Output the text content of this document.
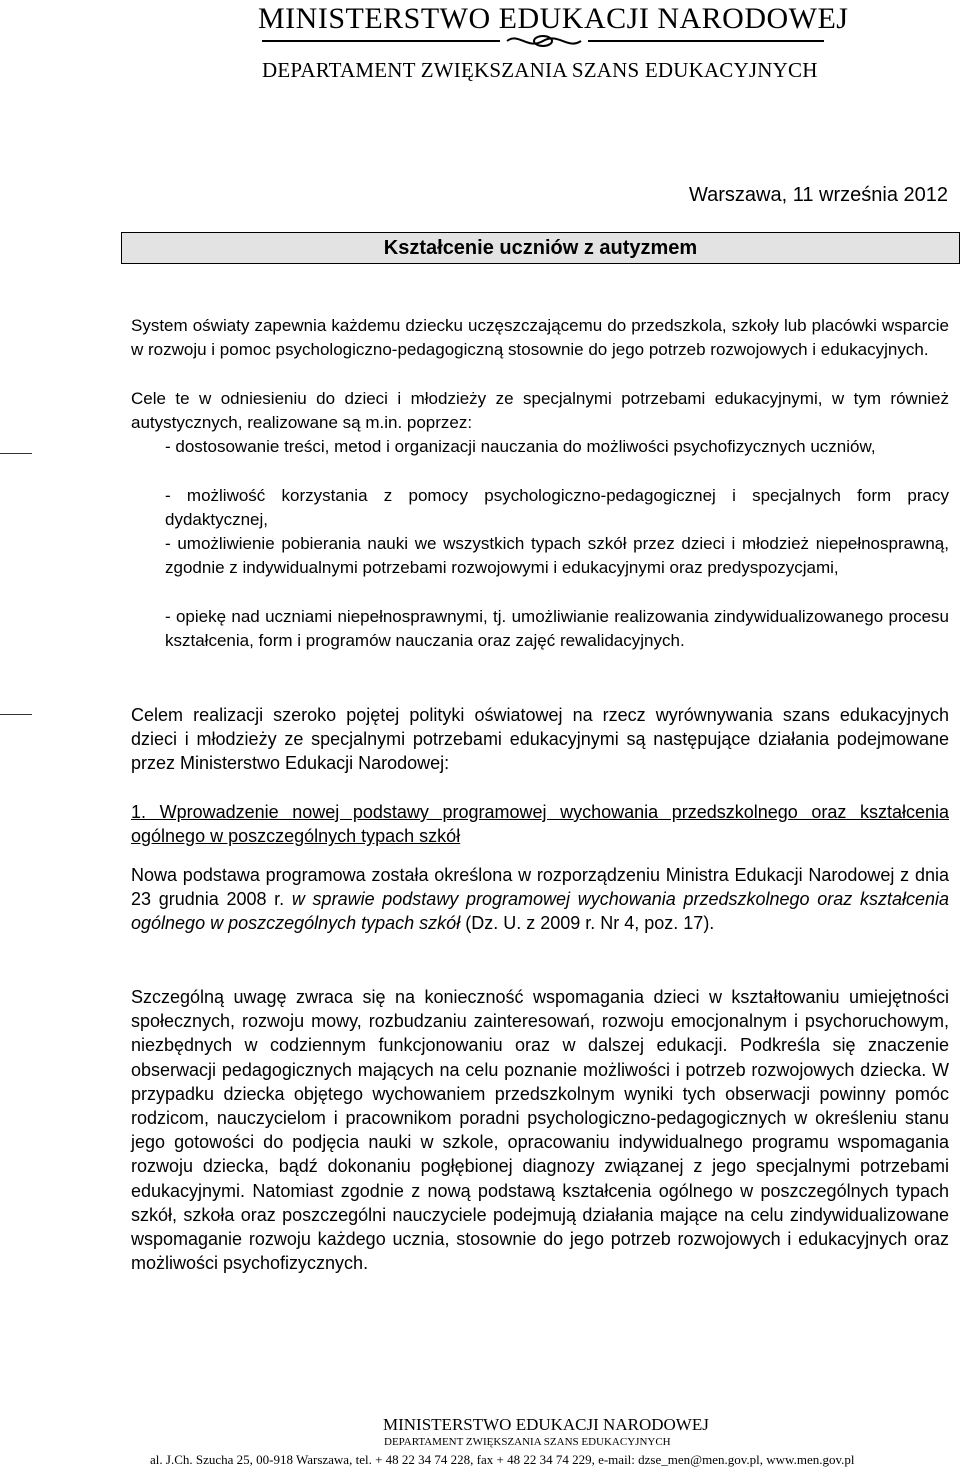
MINISTERSTWO EDUKACJI NARODOWEJ
DEPARTAMENT ZWIĘKSZANIA SZANS EDUKACYJNYCH
Warszawa, 11 września 2012
Kształcenie uczniów z autyzmem

System oświaty zapewnia każdemu dziecku uczęszczającemu do przedszkola, szkoły lub placówki wsparcie w rozwoju i pomoc psychologiczno-pedagogiczną stosownie do jego potrzeb rozwojowych i edukacyjnych.

Cele te w odniesieniu do dzieci i młodzieży ze specjalnymi potrzebami edukacyjnymi, w tym również autystycznych, realizowane są m.in. poprzez:

- dostosowanie treści, metod i organizacji nauczania do możliwości psychofizycznych uczniów,

- możliwość korzystania z pomocy psychologiczno-pedagogicznej i specjalnych form pracy dydaktycznej,

- umożliwienie pobierania nauki we wszystkich typach szkół przez dzieci i młodzież niepełnosprawną, zgodnie z indywidualnymi potrzebami rozwojowymi i edukacyjnymi oraz predyspozycjami,

- opiekę nad uczniami niepełnosprawnymi, tj. umożliwianie realizowania zindywidualizowanego procesu kształcenia, form i programów nauczania oraz zajęć rewalidacyjnych.

Celem realizacji szeroko pojętej polityki oświatowej na rzecz wyrównywania szans edukacyjnych dzieci i młodzieży ze specjalnymi potrzebami edukacyjnymi są następujące działania podejmowane przez Ministerstwo Edukacji Narodowej:

1. Wprowadzenie nowej podstawy programowej wychowania przedszkolnego oraz kształcenia ogólnego w poszczególnych typach szkół

Nowa podstawa programowa została określona w rozporządzeniu Ministra Edukacji Narodowej z dnia 23 grudnia 2008 r. w sprawie podstawy programowej wychowania przedszkolnego oraz kształcenia ogólnego w poszczególnych typach szkół (Dz. U. z 2009 r. Nr 4, poz. 17).

Szczególną uwagę zwraca się na konieczność wspomagania dzieci w kształtowaniu umiejętności społecznych, rozwoju mowy, rozbudzaniu zainteresowań, rozwoju emocjonalnym i psychoruchowym, niezbędnych w codziennym funkcjonowaniu oraz w dalszej edukacji. Podkreśla się znaczenie obserwacji pedagogicznych mających na celu poznanie możliwości i potrzeb rozwojowych dziecka. W przypadku dziecka objętego wychowaniem przedszkolnym wyniki tych obserwacji powinny pomóc rodzicom, nauczycielom i pracownikom poradni psychologiczno-pedagogicznych w określeniu stanu jego gotowości do podjęcia nauki w szkole, opracowaniu indywidualnego programu wspomagania rozwoju dziecka, bądź dokonaniu pogłębionej diagnozy związanej z jego specjalnymi potrzebami edukacyjnymi. Natomiast zgodnie z nową podstawą kształcenia ogólnego w poszczególnych typach szkół, szkoła oraz poszczególni nauczyciele podejmują działania mające na celu zindywidualizowane wspomaganie rozwoju każdego ucznia, stosownie do jego potrzeb rozwojowych i edukacyjnych oraz możliwości psychofizycznych.

MINISTERSTWO EDUKACJI NARODOWEJ
DEPARTAMENT ZWIĘKSZANIA SZANS EDUKACYJNYCH
al. J.Ch. Szucha 25, 00-918 Warszawa, tel. + 48 22 34 74 228, fax + 48 22 34 74 229, e-mail: dzse_men@men.gov.pl, www.men.gov.pl
